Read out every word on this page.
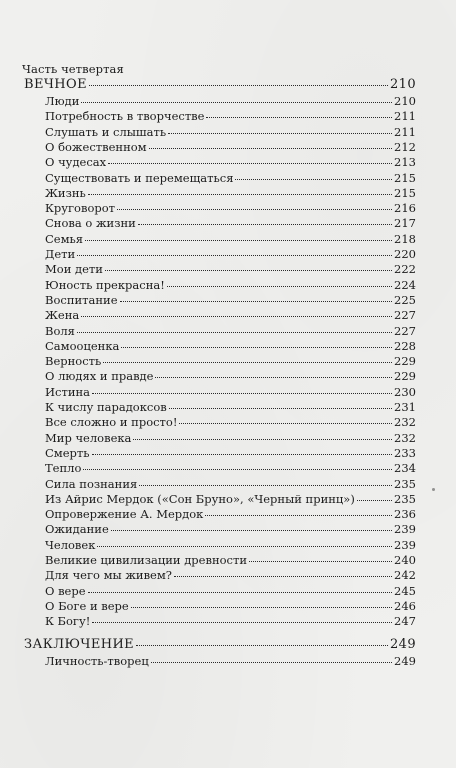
Часть четвертая
ВЕЧНОЕ	210
Люди	210
Потребность в творчестве	211
Слушать и слышать	211
О божественном	212
О чудесах	213
Существовать и перемещаться	215
Жизнь	215
Круговорот	216
Снова о жизни	217
Семья	218
Дети	220
Мои дети	222
Юность прекрасна!	224
Воспитание	225
Жена	227
Воля	227
Самооценка	228
Верность	229
О людях и правде	229
Истина	230
К числу парадоксов	231
Все сложно и просто!	232
Мир человека	232
Смерть	233
Тепло	234
Сила познания	235
Из Айрис Мердок («Сон Бруно», «Черный принц»)	235
Опровержение А. Мердок	236
Ожидание	239
Человек	239
Великие цивилизации древности	240
Для чего мы живем?	242
О вере	245
О Боге и вере	246
К Богу!	247
ЗАКЛЮЧЕНИЕ	249
Личность-творец	249
